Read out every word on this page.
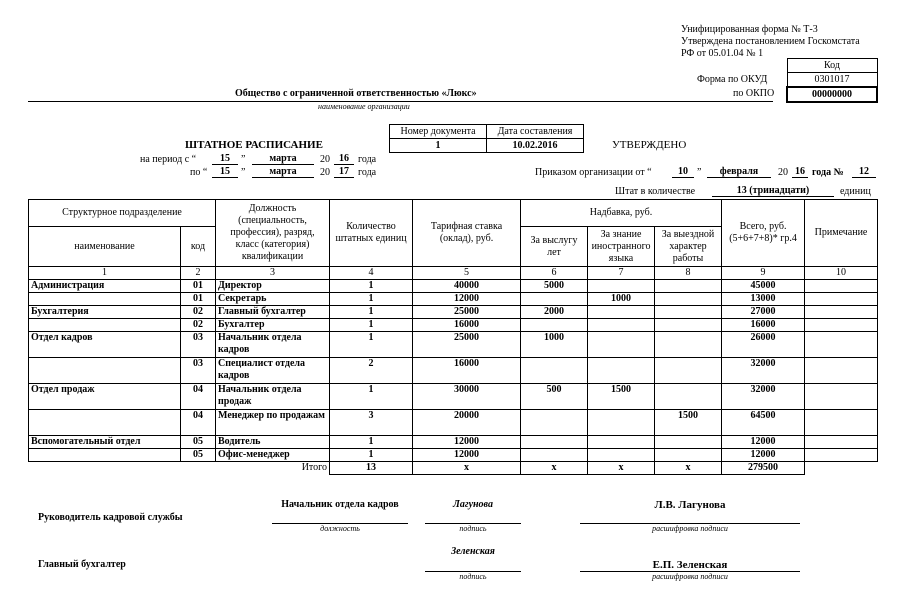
Унифицированная форма № Т-3
Утверждена постановлением Госкомстата
РФ от 05.01.04 № 1
Код
0301017
00000000
Форма по ОКУД
по ОКПО
Общество с ограниченной ответственностью «Люкс»
наименование организации
ШТАТНОЕ РАСПИСАНИЕ
Номер документа	Дата составления
1	10.02.2016	УТВЕРЖДЕНО
на период с “	15	”	марта	20 16 года
по “	15	”	марта	20 17 года	Приказом организации от “	10 ”	февраля	20 16 года №	12
Штат в количестве	13 (тринадцати)	единиц
Структурное подразделение		Должность (специальность, профессия), разряд, класс (категория) квалификации	Количество штатных единиц	Тарифная ставка (оклад), руб.	Надбавка, руб.			Всего, руб. (5+6+7+8)* гр.4	Примечание
наименование	код				За выслугу лет	За знание иностранного языка	За выездной характер работы		
1	2	3	4	5	6	7	8	9	10
Администрация	01	Директор	1	40000	5000			45000	
	01	Секретарь	1	12000		1000		13000	
Бухгалтерия	02	Главный бухгалтер	1	25000	2000			27000	
	02	Бухгалтер	1	16000				16000	
Отдел кадров	03	Начальник отдела кадров	1	25000	1000			26000	
	03	Специалист отдела кадров	2	16000				32000	
Отдел продаж	04	Начальник отдела продаж	1	30000	500	1500		32000	
	04	Менеджер по продажам	3	20000			1500	64500	
Вспомогательный отдел	05	Водитель	1	12000				12000	
	05	Офис-менеджер	1	12000				12000	
Итого			13	х	х	х	х	279500	
Руководитель кадровой службы
Начальник отдела кадров
должность
Лагунова
подпись
Л.В. Лагунова
расшифровка подписи
Главный бухгалтер
Зеленская
подпись
Е.П. Зеленская
расшифровка подписи
